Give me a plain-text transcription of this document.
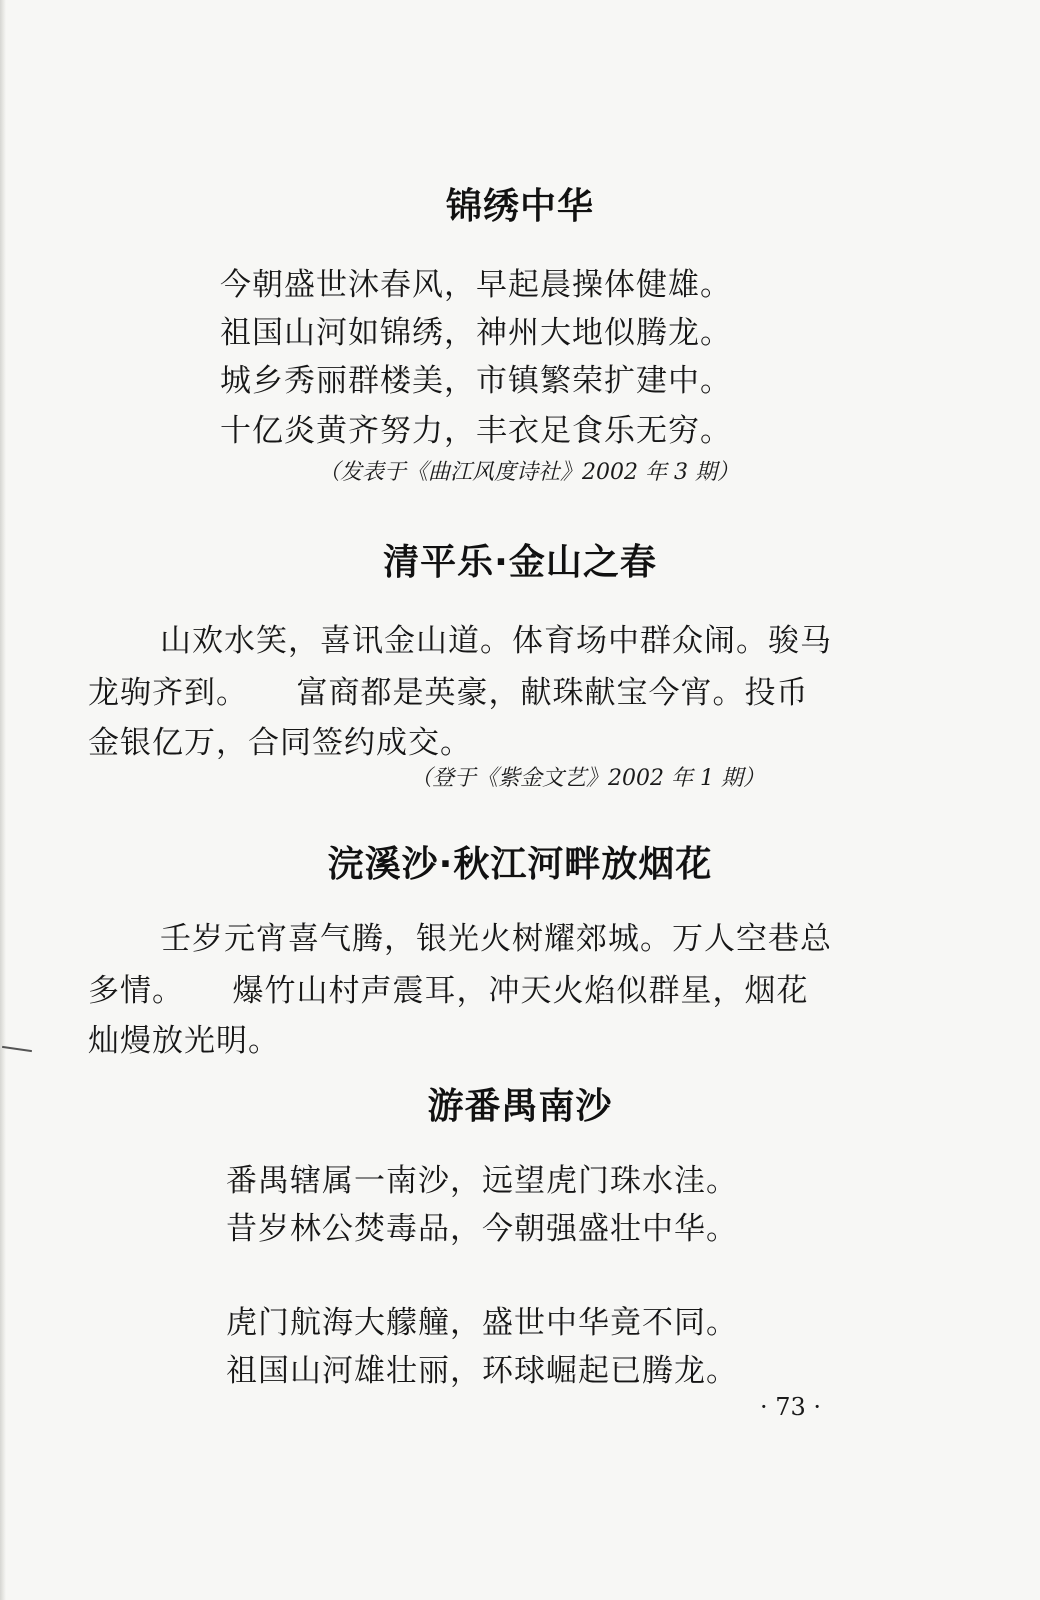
锦绣中华
今朝盛世沐春风，早起晨操体健雄。
祖国山河如锦绣，神州大地似腾龙。
城乡秀丽群楼美，市镇繁荣扩建中。
十亿炎黄齐努力，丰衣足食乐无穷。
（发表于《曲江风度诗社》2002 年 3 期）
清平乐·金山之春
山欢水笑，喜讯金山道。体育场中群众闹。骏马
龙驹齐到。　　富商都是英豪，献珠献宝今宵。投币
金银亿万，合同签约成交。
（登于《紫金文艺》2002 年 1 期）
浣溪沙·秋江河畔放烟花
壬岁元宵喜气腾，银光火树耀郊城。万人空巷总
多情。　　爆竹山村声震耳，冲天火焰似群星，烟花
灿熳放光明。
游番禺南沙
番禺辖属一南沙，远望虎门珠水洼。
昔岁林公焚毒品，今朝强盛壮中华。
虎门航海大艨艟，盛世中华竟不同。
祖国山河雄壮丽，环球崛起已腾龙。
· 73 ·
